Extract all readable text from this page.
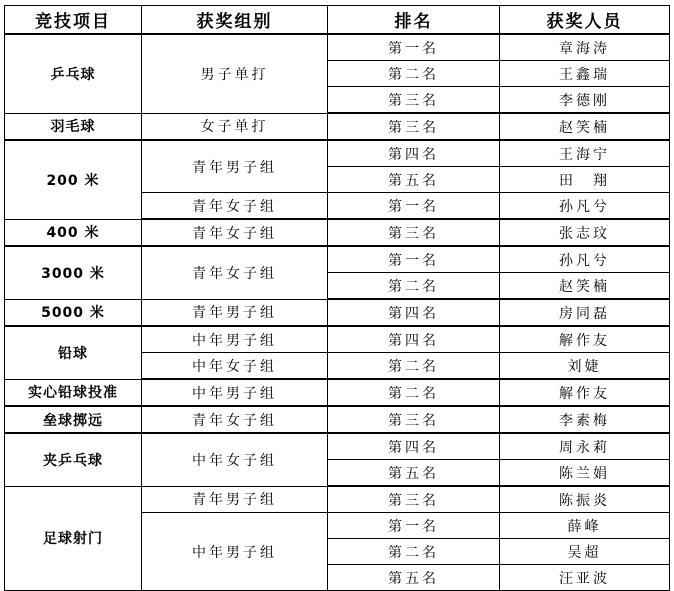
竞技项目	获奖组别	排名	获奖人员
乒乓球	男子单打	第一名	章海涛
		第二名	王鑫瑞
		第三名	李德刚
羽毛球	女子单打	第三名	赵笑楠
200 米	青年男子组	第四名	王海宁
		第五名	田　翔
	青年女子组	第一名	孙凡兮
400 米	青年女子组	第三名	张志玟
3000 米	青年女子组	第一名	孙凡兮
		第二名	赵笑楠
5000 米	青年男子组	第四名	房同磊
铅球	中年男子组	第四名	解作友
	中年女子组	第二名	刘婕
实心铅球投准	中年男子组	第二名	解作友
垒球掷远	青年女子组	第三名	李素梅
夹乒乓球	中年女子组	第四名	周永莉
		第五名	陈兰娟
足球射门	青年男子组	第三名	陈振炎
	中年男子组	第一名	薛峰
		第二名	吴超
		第五名	汪亚波
